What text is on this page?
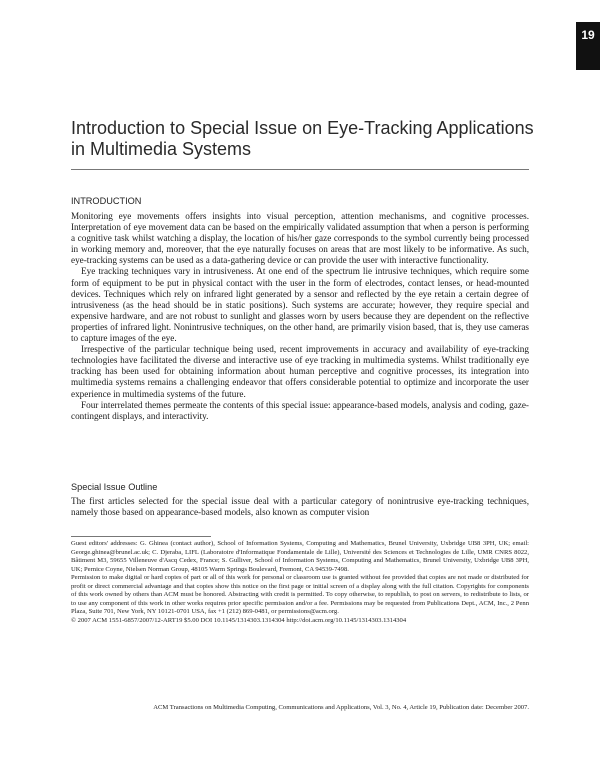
19
Introduction to Special Issue on Eye-Tracking Applications in Multimedia Systems
INTRODUCTION

Monitoring eye movements offers insights into visual perception, attention mechanisms, and cognitive processes. Interpretation of eye movement data can be based on the empirically validated assumption that when a person is performing a cognitive task whilst watching a display, the location of his/her gaze corresponds to the symbol currently being processed in working memory and, moreover, that the eye naturally focuses on areas that are most likely to be informative. As such, eye-tracking systems can be used as a data-gathering device or can provide the user with interactive functionality.

Eye tracking techniques vary in intrusiveness. At one end of the spectrum lie intrusive techniques, which require some form of equipment to be put in physical contact with the user in the form of electrodes, contact lenses, or head-mounted devices. Techniques which rely on infrared light generated by a sensor and reflected by the eye retain a certain degree of intrusiveness (as the head should be in static positions). Such systems are accurate; however, they require special and expensive hardware, and are not robust to sunlight and glasses worn by users because they are dependent on the reflective properties of infrared light. Nonintrusive techniques, on the other hand, are primarily vision based, that is, they use cameras to capture images of the eye.

Irrespective of the particular technique being used, recent improvements in accuracy and availability of eye-tracking technologies have facilitated the diverse and interactive use of eye tracking in multimedia systems. Whilst traditionally eye tracking has been used for obtaining information about human perceptive and cognitive processes, its integration into multimedia systems remains a challenging endeavor that offers considerable potential to optimize and incorporate the user experience in multimedia systems of the future.

Four interrelated themes permeate the contents of this special issue: appearance-based models, analysis and coding, gaze-contingent displays, and interactivity.

Special Issue Outline

The first articles selected for the special issue deal with a particular category of nonintrusive eye-tracking techniques, namely those based on appearance-based models, also known as computer vision

Guest editors' addresses: G. Ghinea (contact author), School of Information Systems, Computing and Mathematics, Brunel University, Uxbridge UB8 3PH, UK; email: George.ghinea@brunel.ac.uk; C. Djeraba, LIFL (Laboratoire d'Informatique Fondamentale de Lille), Université des Sciences et Technologies de Lille, UMR CNRS 8022, Bâtiment M3, 59655 Villeneuve d'Ascq Cedex, France; S. Gulliver, School of Information Systems, Computing and Mathematics, Brunel University, Uxbridge UB8 3PH, UK; Pernice Coyne, Nielsen Norman Group, 48105 Warm Springs Boulevard, Fremont, CA 94539-7498.

Permission to make digital or hard copies of part or all of this work for personal or classroom use is granted without fee provided that copies are not made or distributed for profit or direct commercial advantage and that copies show this notice on the first page or initial screen of a display along with the full citation. Copyrights for components of this work owned by others than ACM must be honored. Abstracting with credit is permitted. To copy otherwise, to republish, to post on servers, to redistribute to lists, or to use any component of this work in other works requires prior specific permission and/or a fee. Permissions may be requested from Publications Dept., ACM, Inc., 2 Penn Plaza, Suite 701, New York, NY 10121-0701 USA, fax +1 (212) 869-0481, or permissions@acm.org.

© 2007 ACM 1551-6857/2007/12-ART19 $5.00 DOI 10.1145/1314303.1314304 http://doi.acm.org/10.1145/1314303.1314304

ACM Transactions on Multimedia Computing, Communications and Applications, Vol. 3, No. 4, Article 19, Publication date: December 2007.
